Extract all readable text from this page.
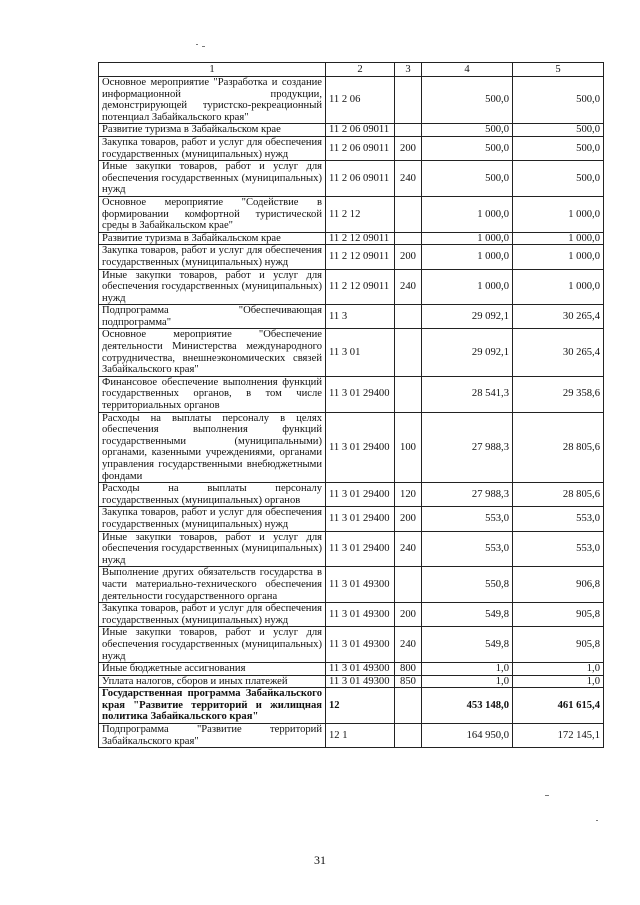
1	2	3	4	5
Основное мероприятие "Разработка и создание информационной продукции, демонстрирующей туристско-рекреационный потенциал Забайкальского края"	11 2 06		500,0	500,0
Развитие туризма в Забайкальском крае	11 2 06 09011		500,0	500,0
Закупка товаров, работ и услуг для обеспечения государственных (муниципальных) нужд	11 2 06 09011	200	500,0	500,0
Иные закупки товаров, работ и услуг для обеспечения государственных (муниципальных) нужд	11 2 06 09011	240	500,0	500,0
Основное мероприятие "Содействие в формировании комфортной туристической среды в Забайкальском крае"	11 2 12		1 000,0	1 000,0
Развитие туризма в Забайкальском крае	11 2 12 09011		1 000,0	1 000,0
Закупка товаров, работ и услуг для обеспечения государственных (муниципальных) нужд	11 2 12 09011	200	1 000,0	1 000,0
Иные закупки товаров, работ и услуг для обеспечения государственных (муниципальных) нужд	11 2 12 09011	240	1 000,0	1 000,0
Подпрограмма "Обеспечивающая подпрограмма"	11 3		29 092,1	30 265,4
Основное мероприятие "Обеспечение деятельности Министерства международного сотрудничества, внешнеэкономических связей Забайкальского края"	11 3 01		29 092,1	30 265,4
Финансовое обеспечение выполнения функций государственных органов, в том числе территориальных органов	11 3 01 29400		28 541,3	29 358,6
Расходы на выплаты персоналу в целях обеспечения выполнения функций государственными (муниципальными) органами, казенными учреждениями, органами управления государственными внебюджетными фондами	11 3 01 29400	100	27 988,3	28 805,6
Расходы на выплаты персоналу государственных (муниципальных) органов	11 3 01 29400	120	27 988,3	28 805,6
Закупка товаров, работ и услуг для обеспечения государственных (муниципальных) нужд	11 3 01 29400	200	553,0	553,0
Иные закупки товаров, работ и услуг для обеспечения государственных (муниципальных) нужд	11 3 01 29400	240	553,0	553,0
Выполнение других обязательств государства в части материально-технического обеспечения деятельности государственного органа	11 3 01 49300		550,8	906,8
Закупка товаров, работ и услуг для обеспечения государственных (муниципальных) нужд	11 3 01 49300	200	549,8	905,8
Иные закупки товаров, работ и услуг для обеспечения государственных (муниципальных) нужд	11 3 01 49300	240	549,8	905,8
Иные бюджетные ассигнования	11 3 01 49300	800	1,0	1,0
Уплата налогов, сборов и иных платежей	11 3 01 49300	850	1,0	1,0
Государственная программа Забайкальского края "Развитие территорий и жилищная политика Забайкальского края"	12		453 148,0	461 615,4
Подпрограмма "Развитие территорий Забайкальского края"	12 1		164 950,0	172 145,1
31
